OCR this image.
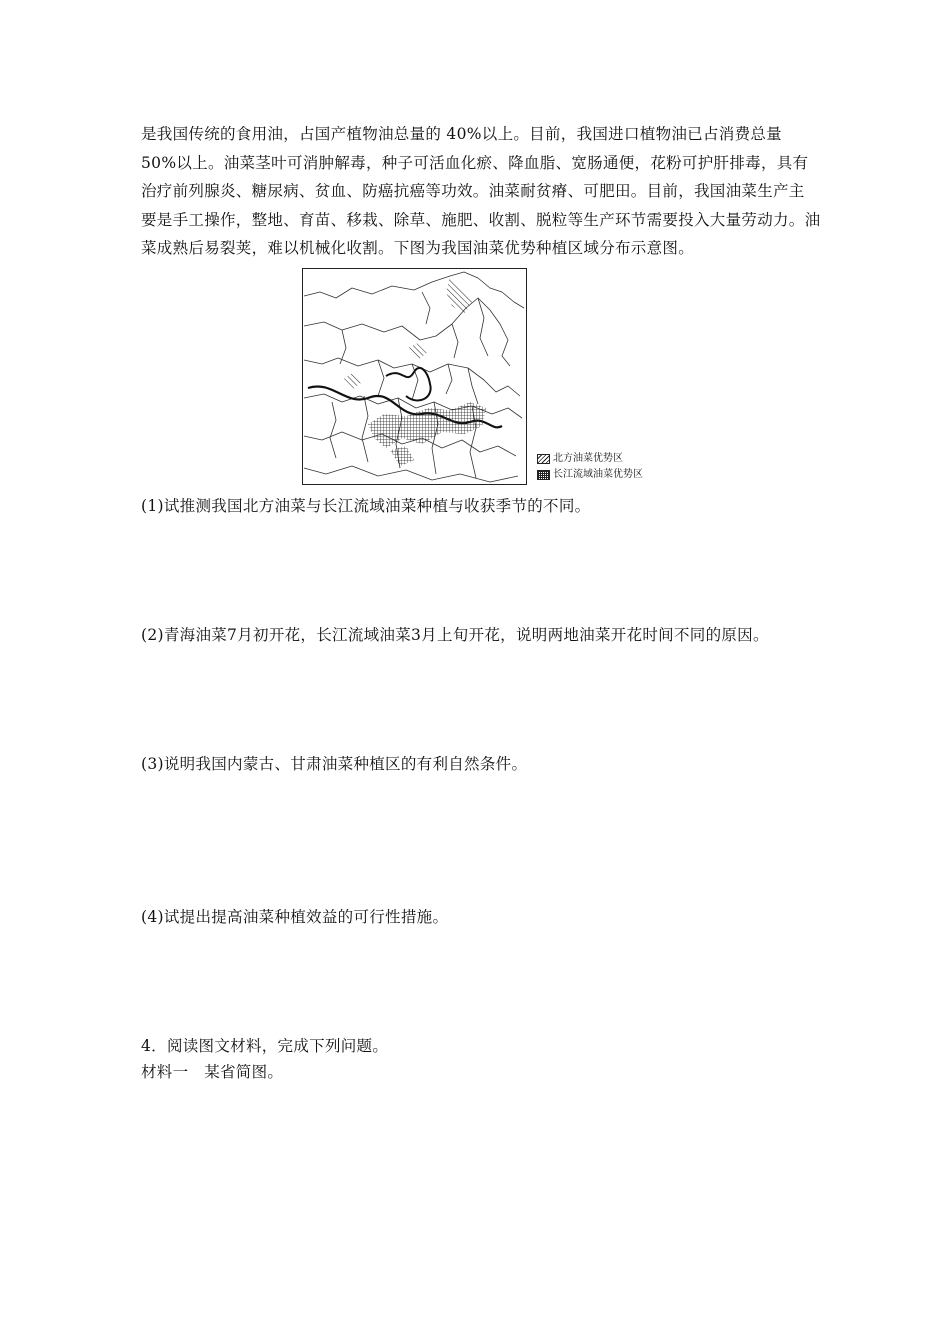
是我国传统的食用油，占国产植物油总量的 40%以上。目前，我国进口植物油已占消费总量

50%以上。油菜茎叶可消肿解毒，种子可活血化瘀、降血脂、宽肠通便，花粉可护肝排毒，具有

治疗前列腺炎、糖尿病、贫血、防癌抗癌等功效。油菜耐贫瘠、可肥田。目前，我国油菜生产主

要是手工操作，整地、育苗、移栽、除草、施肥、收割、脱粒等生产环节需要投入大量劳动力。油

菜成熟后易裂荚，难以机械化收割。下图为我国油菜优势种植区域分布示意图。

北方油菜优势区
长江流域油菜优势区
(1)试推测我国北方油菜与长江流域油菜种植与收获季节的不同。
(2)青海油菜7月初开花，长江流域油菜3月上旬开花，说明两地油菜开花时间不同的原因。
(3)说明我国内蒙古、甘肃油菜种植区的有利自然条件。
(4)试提出提高油菜种植效益的可行性措施。
4．阅读图文材料，完成下列问题。
材料一　某省简图。
